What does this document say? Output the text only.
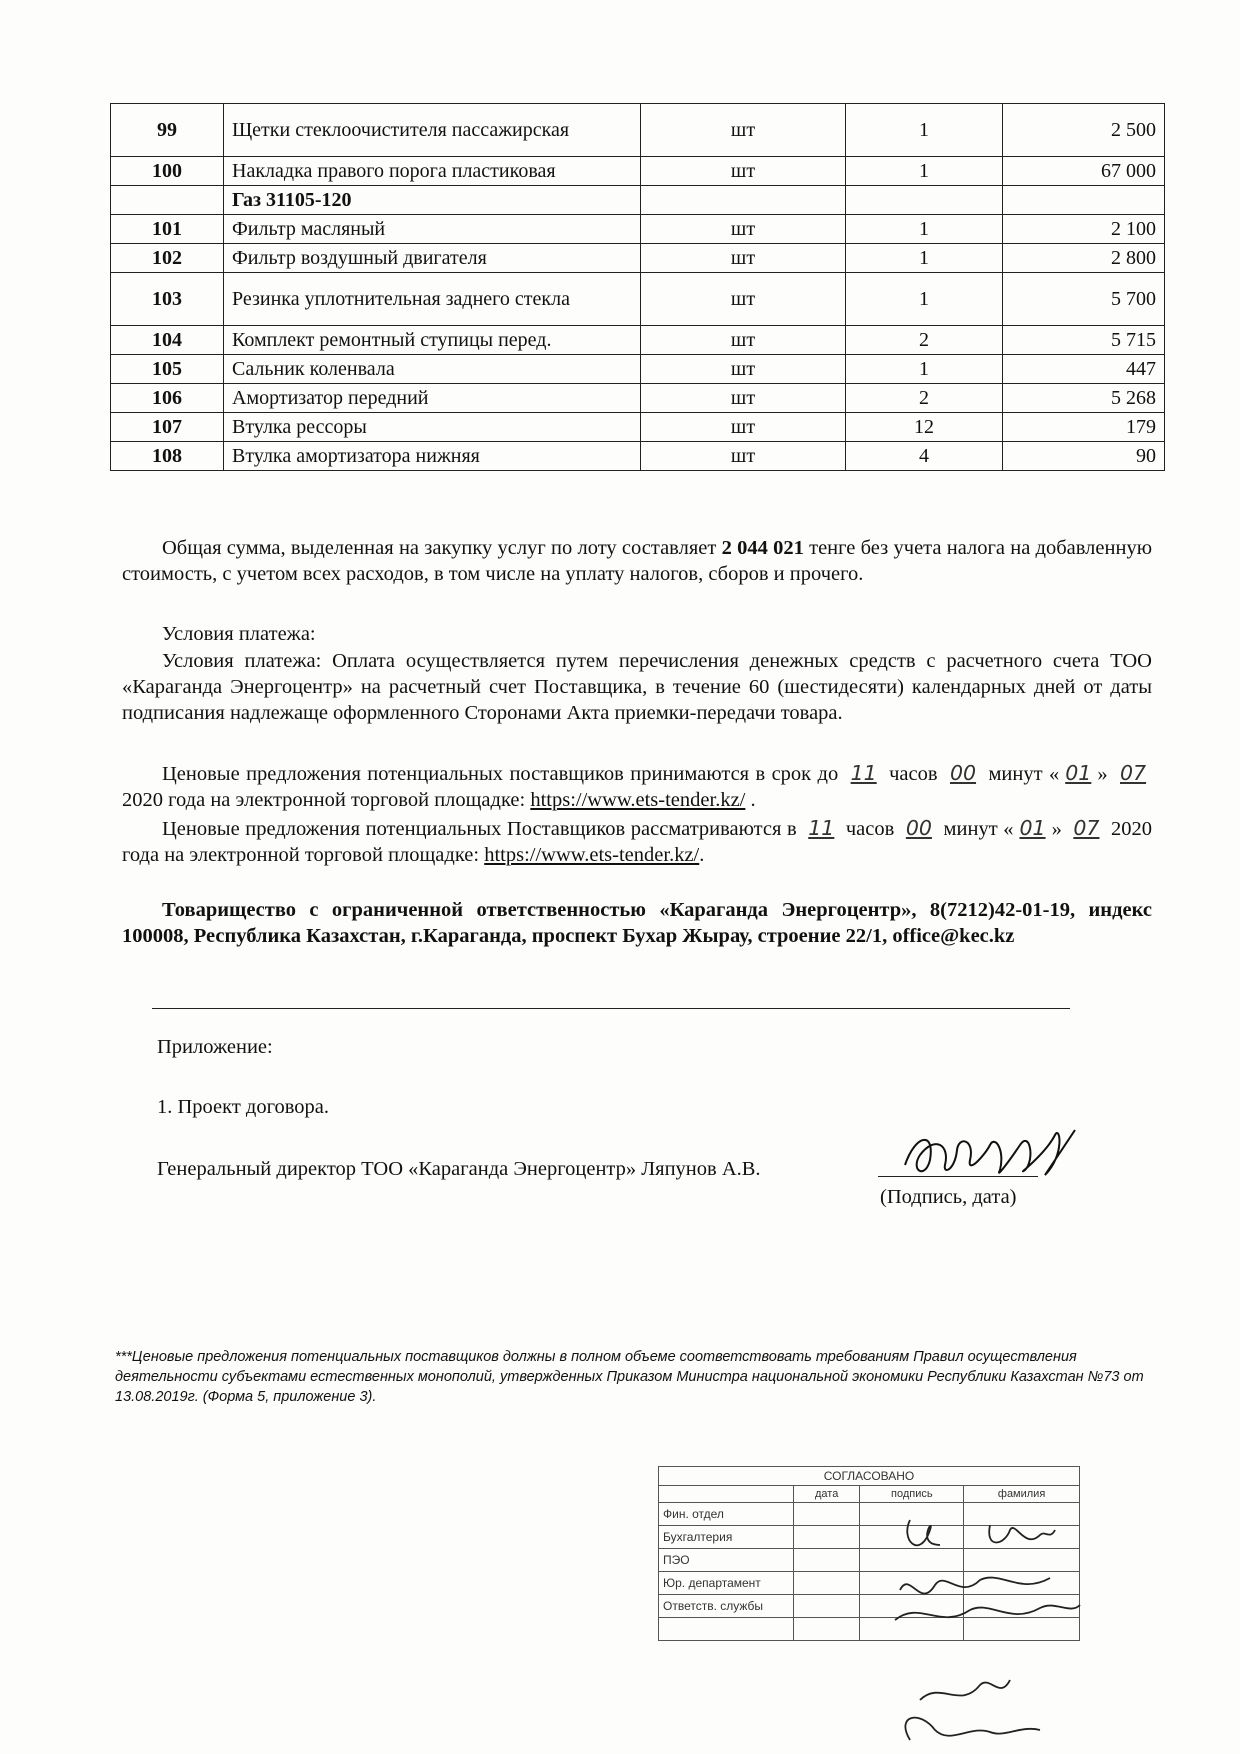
99	Щетки стеклоочистителя пассажирская	шт	1	2 500
100	Накладка правого порога пластиковая	шт	1	67 000
	Газ 31105-120			
101	Фильтр масляный	шт	1	2 100
102	Фильтр воздушный двигателя	шт	1	2 800
103	Резинка уплотнительная заднего стекла	шт	1	5 700
104	Комплект ремонтный ступицы перед.	шт	2	5 715
105	Сальник коленвала	шт	1	447
106	Амортизатор передний	шт	2	5 268
107	Втулка рессоры	шт	12	179
108	Втулка амортизатора нижняя	шт	4	90

Общая сумма, выделенная на закупку услуг по лоту составляет 2 044 021 тенге без учета налога на добавленную стоимость, с учетом всех расходов, в том числе на уплату налогов, сборов и прочего.

Условия платежа:

Условия платежа: Оплата осуществляется путем перечисления денежных средств с расчетного счета ТОО «Караганда Энергоцентр» на расчетный счет Поставщика, в течение 60 (шестидесяти) календарных дней от даты подписания надлежаще оформленного Сторонами Акта приемки-передачи товара.

Ценовые предложения потенциальных поставщиков принимаются в срок до 11 часов 00 минут « 01 » 07 2020 года на электронной торговой площадке: https://www.ets-tender.kz/ .

Ценовые предложения потенциальных Поставщиков рассматриваются в 11 часов 00 минут « 01 » 07 2020 года на электронной торговой площадке: https://www.ets-tender.kz/.

Товарищество с ограниченной ответственностью «Караганда Энергоцентр», 8(7212)42-01-19, индекс 100008, Республика Казахстан, г.Караганда, проспект Бухар Жырау, строение 22/1, office@kec.kz

Приложение:

1. Проект договора.

Генеральный директор ТОО «Караганда Энергоцентр» Ляпунов А.В.

(Подпись, дата)

***Ценовые предложения потенциальных поставщиков должны в полном объеме соответствовать требованиям Правил осуществления деятельности субъектами естественных монополий, утвержденных Приказом Министра национальной экономики Республики Казахстан №73 от 13.08.2019г. (Форма 5, приложение 3).

СОГЛАСОВАНО			
	дата	подпись	фамилия
Фин. отдел			
Бухгалтерия			
ПЭО			
Юр. департамент			
Ответств. службы			
